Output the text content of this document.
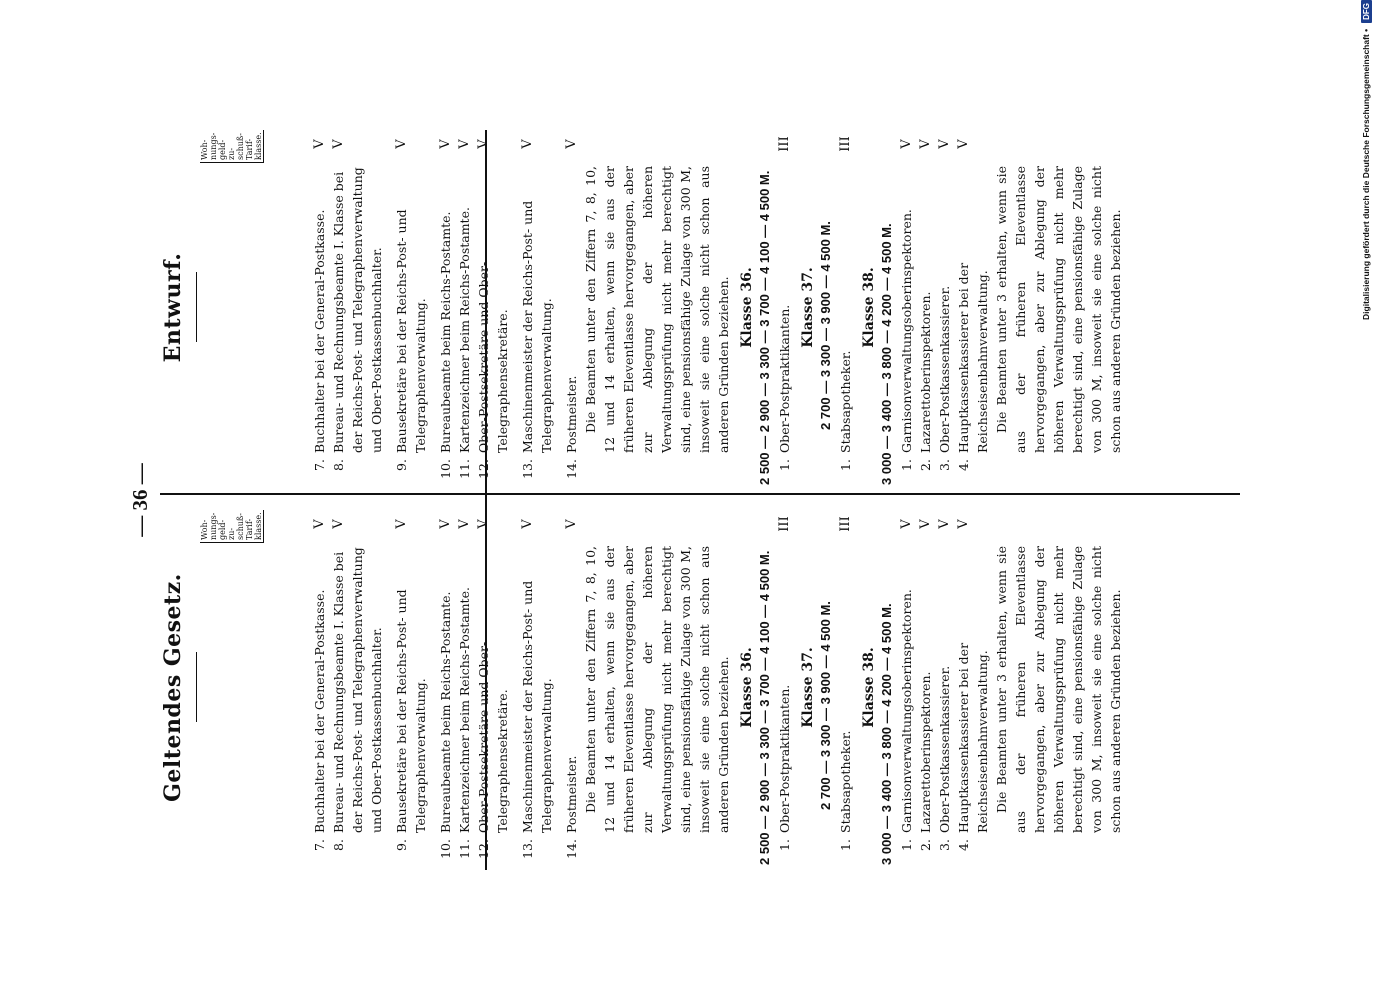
— 36 —
Geltendes Gesetz.
Woh- nungs- geld- zu- schuß- Tarif- klasse.
7.
Buchhalter bei der General-Postkasse.
V
8.
Bureau- und Rechnungsbeamte I. Klasse bei der Reichs-Post- und Telegraphenverwaltung und Ober-Postkassenbuchhalter.
V
9.
Bausekretäre bei der Reichs-Post- und Telegraphenverwaltung.
V
10.
Bureaubeamte beim Reichs-Postamte.
V
11.
Kartenzeichner beim Reichs-Postamte.
V
12.
Ober-Postsekretäre und Ober-Telegraphensekretäre.
V
13.
Maschinenmeister der Reichs-Post- und Telegraphenverwaltung.
V
14.
Postmeister.
V
Die Beamten unter den Ziffern 7, 8, 10, 12 und 14 erhalten, wenn sie aus der früheren Eleventlasse hervorgegangen, aber zur Ablegung der höheren Verwaltungsprüfung nicht mehr berechtigt sind, eine pensionsfähige Zulage von 300 M, insoweit sie eine solche nicht schon aus anderen Gründen beziehen. Klasse 36. 2 500 — 2 900 — 3 300 — 3 700 — 4 100 — 4 500 M. 1.
Ober-Postpraktikanten.
III
Klasse 37. 2 700 — 3 300 — 3 900 — 4 500 M.
1.
Stabsapotheker.
III
Klasse 38. 3 000 — 3 400 — 3 800 — 4 200 — 4 500 M. 1.
Garnisonverwaltungsoberinspektoren.
V
2.
Lazarettoberinspektoren.
V
3.
Ober-Postkassenkassierer.
V
4.
Hauptkassenkassierer bei der Reichseisenbahnverwaltung.
V
Die Beamten unter 3 erhalten, wenn sie aus der früheren Eleventlasse hervorgegangen, aber zur Ablegung der höheren Verwaltungsprüfung nicht mehr berechtigt sind, eine pensionsfähige Zulage von 300 M, insoweit sie eine solche nicht schon aus anderen Gründen beziehen.
Entwurf.
Woh- nungs- geld- zu- schuß- Tarif- klasse.
7.
Buchhalter bei der General-Postkasse.
V
8.
Bureau- und Rechnungsbeamte I. Klasse bei der Reichs-Post- und Telegraphenverwaltung und Ober-Postkassenbuchhalter.
V
9.
Bausekretäre bei der Reichs-Post- und Telegraphenverwaltung.
V
10.
Bureaubeamte beim Reichs-Postamte.
V
11.
Kartenzeichner beim Reichs-Postamte.
V
12.
Ober-Postsekretäre und Ober-Telegraphensekretäre.
V
13.
Maschinenmeister der Reichs-Post- und Telegraphenverwaltung.
V
14.
Postmeister.
V
Die Beamten unter den Ziffern 7, 8, 10, 12 und 14 erhalten, wenn sie aus der früheren Eleventlasse hervorgegangen, aber zur Ablegung der höheren Verwaltungsprüfung nicht mehr berechtigt sind, eine pensionsfähige Zulage von 300 M, insoweit sie eine solche nicht schon aus anderen Gründen beziehen. Klasse 36. 2 500 — 2 900 — 3 300 — 3 700 — 4 100 — 4 500 M. 1.
Ober-Postpraktikanten.
III
Klasse 37. 2 700 — 3 300 — 3 900 — 4 500 M.
1.
Stabsapotheker.
III
Klasse 38. 3 000 — 3 400 — 3 800 — 4 200 — 4 500 M. 1.
Garnisonverwaltungsoberinspektoren.
V
2.
Lazarettoberinspektoren.
V
3.
Ober-Postkassenkassierer.
V
4.
Hauptkassenkassierer bei der Reichseisenbahnverwaltung.
V
Die Beamten unter 3 erhalten, wenn sie aus der früheren Eleventlasse hervorgegangen, aber zur Ablegung der höheren Verwaltungsprüfung nicht mehr berechtigt sind, eine pensionsfähige Zulage von 300 M, insoweit sie eine solche nicht schon aus anderen Gründen beziehen.
Digitalisierung gefördert durch die Deutsche Forschungsgemeinschaft •
DFG
